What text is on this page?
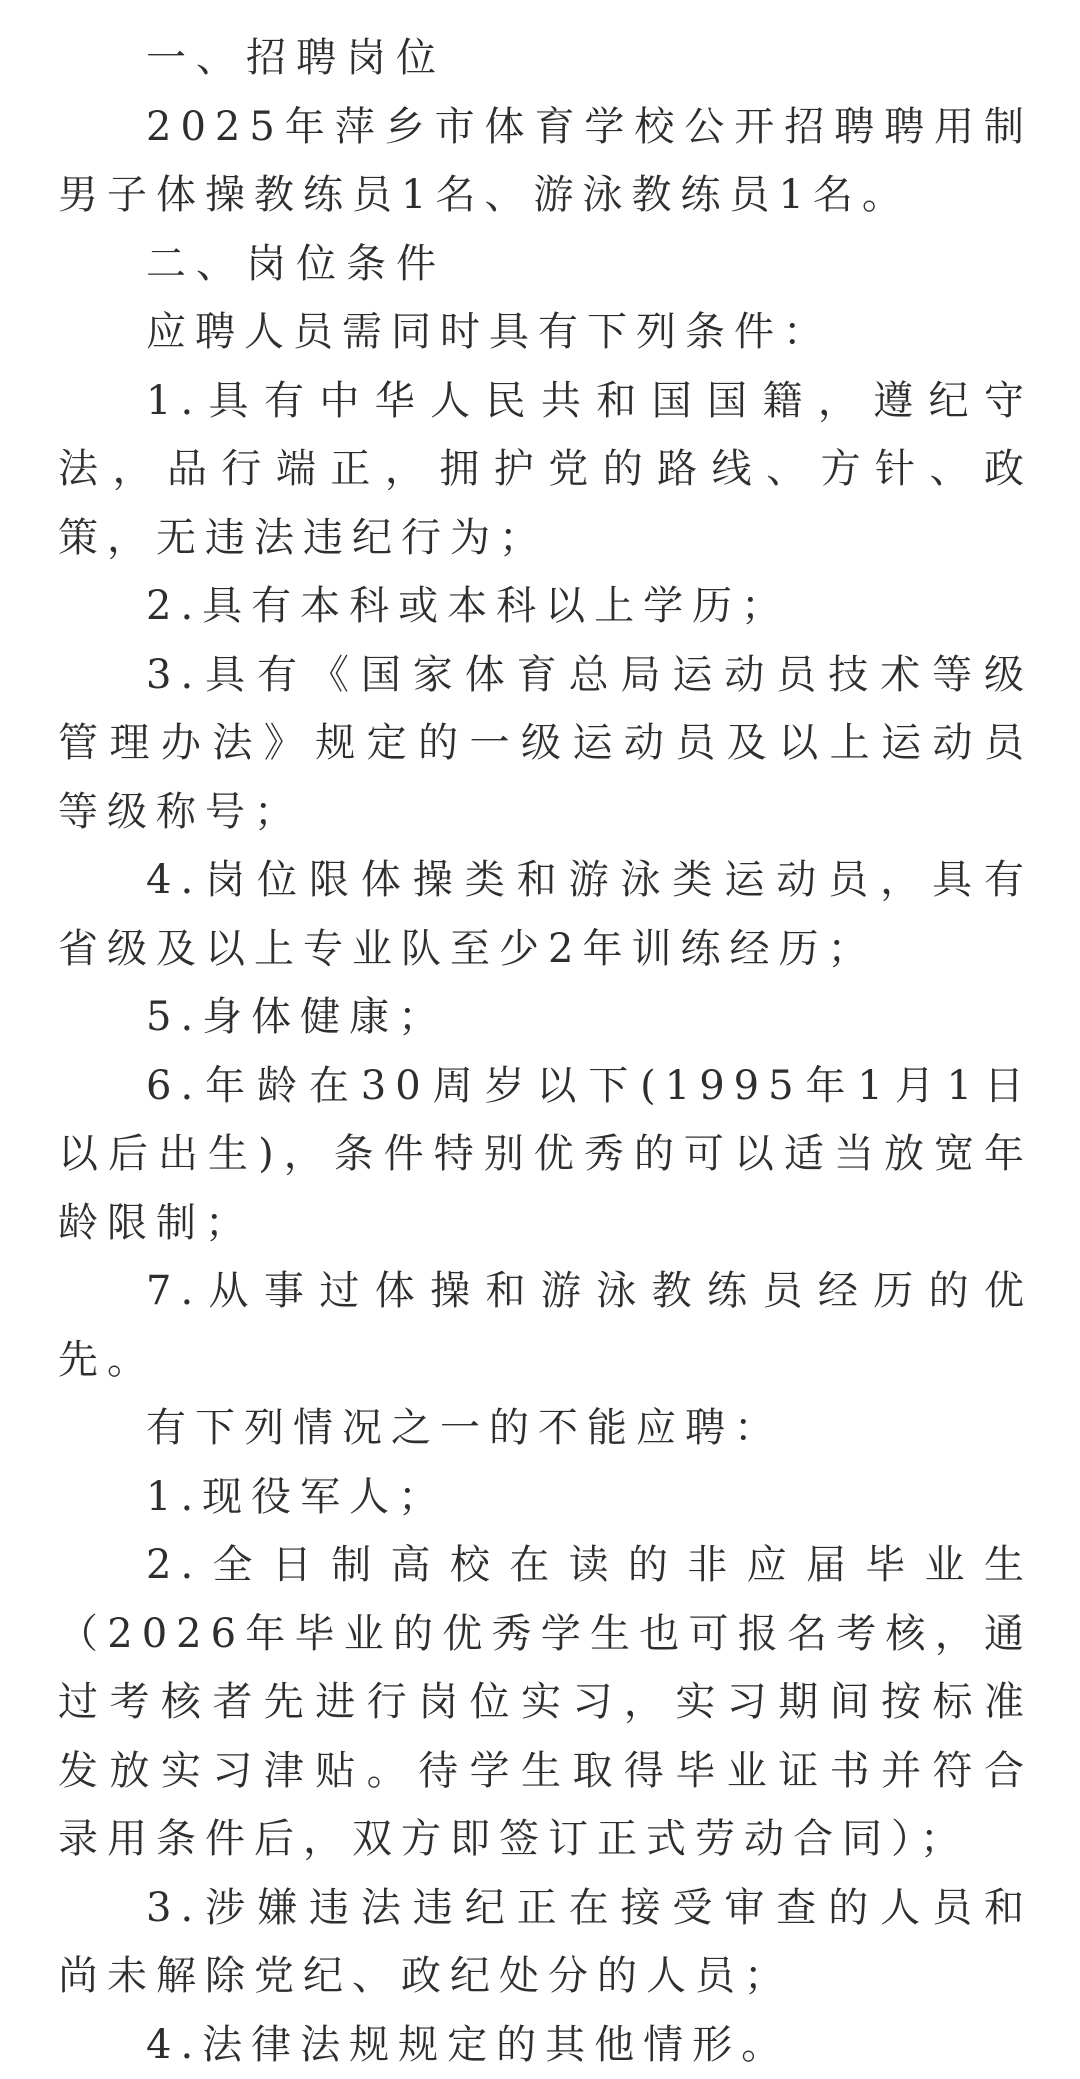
一、招聘岗位

2025年萍乡市体育学校公开招聘聘用制男子体操教练员1名、游泳教练员1名。

二、岗位条件

应聘人员需同时具有下列条件：

1.具有中华人民共和国国籍，遵纪守法，品行端正，拥护党的路线、方针、政策，无违法违纪行为；

2.具有本科或本科以上学历；

3.具有《国家体育总局运动员技术等级管理办法》规定的一级运动员及以上运动员等级称号；

4.岗位限体操类和游泳类运动员，具有省级及以上专业队至少2年训练经历；

5.身体健康；

6.年龄在30周岁以下(1995年1月1日以后出生)，条件特别优秀的可以适当放宽年龄限制；

7.从事过体操和游泳教练员经历的优先。

有下列情况之一的不能应聘：

1.现役军人；

2.全日制高校在读的非应届毕业生（2026年毕业的优秀学生也可报名考核，通过考核者先进行岗位实习，实习期间按标准发放实习津贴。待学生取得毕业证书并符合录用条件后，双方即签订正式劳动合同）；

3.涉嫌违法违纪正在接受审查的人员和尚未解除党纪、政纪处分的人员；

4.法律法规规定的其他情形。
